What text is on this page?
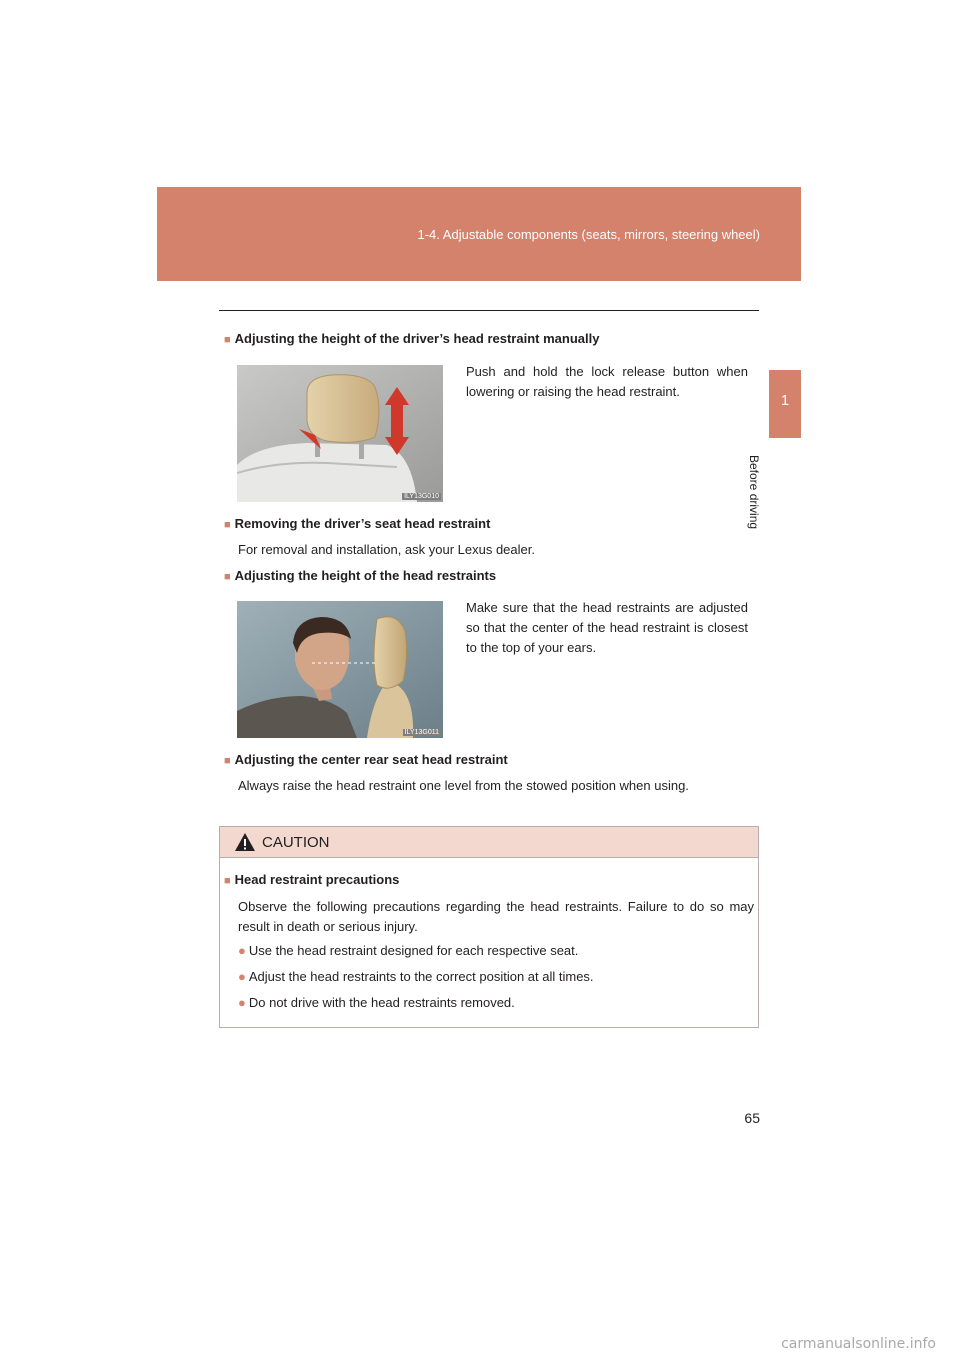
1-4. Adjustable components (seats, mirrors, steering wheel)
1
Before driving
■ Adjusting the height of the driver’s head restraint manually
ILY13G010
Push and hold the lock release button when lowering or raising the head restraint.
■ Removing the driver’s seat head restraint
For removal and installation, ask your Lexus dealer.
■ Adjusting the height of the head restraints
ILY13G011
Make sure that the head restraints are adjusted so that the center of the head restraint is closest to the top of your ears.
■ Adjusting the center rear seat head restraint
Always raise the head restraint one level from the stowed position when using.
CAUTION
■ Head restraint precautions
Observe the following precautions regarding the head restraints. Failure to do so may result in death or serious injury.
● Use the head restraint designed for each respective seat.
● Adjust the head restraints to the correct position at all times.
● Do not drive with the head restraints removed.
65
carmanualsonline.info
